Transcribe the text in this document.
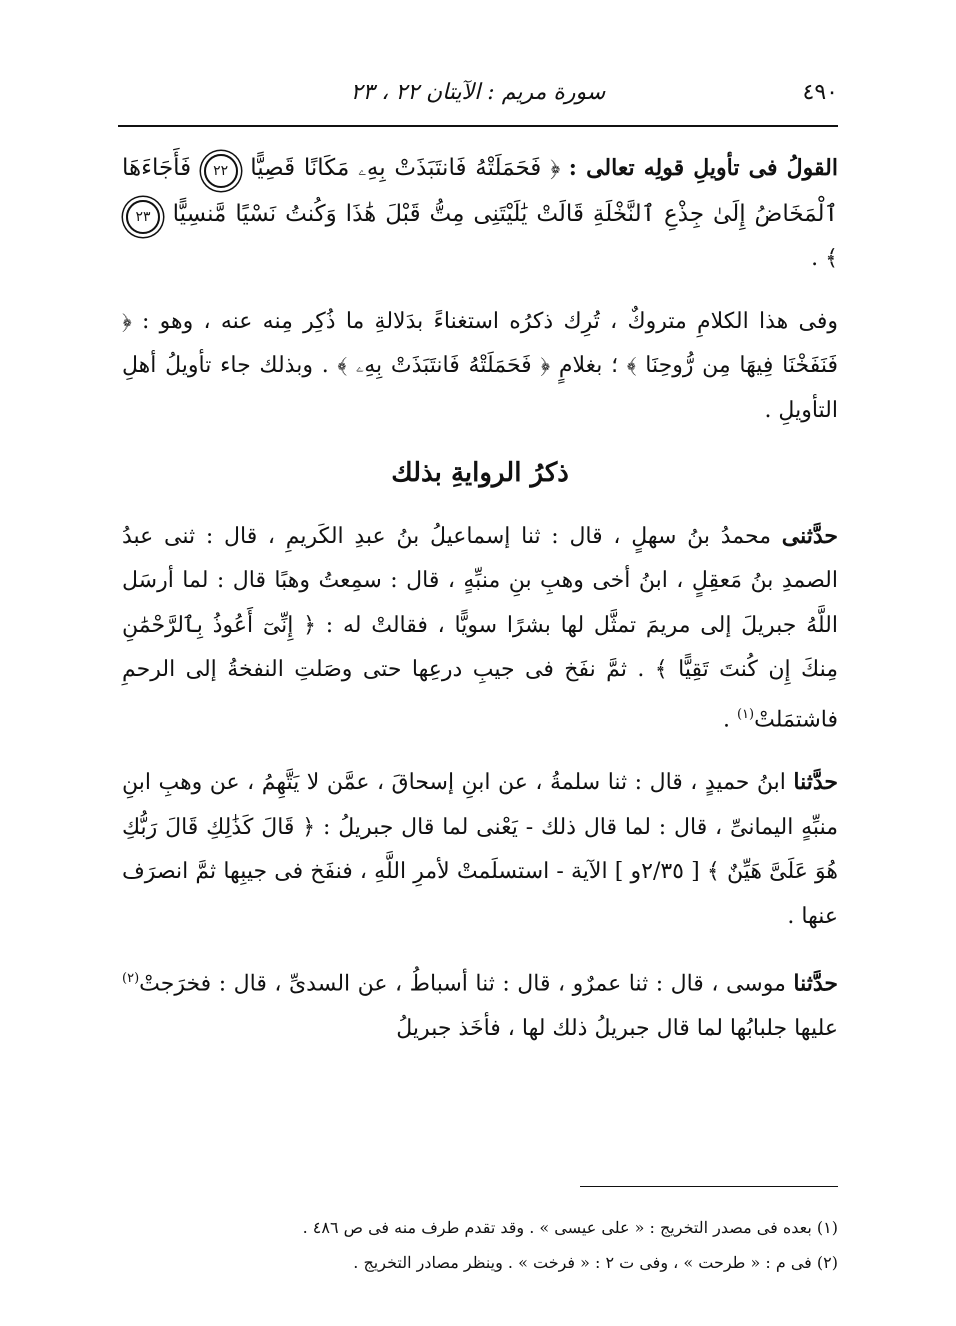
٤٩٠
سورة مريم : الآيتان ٢٢ ، ٢٣

القولُ فى تأويلِ قولِه تعالى : ﴿ فَحَمَلَتْهُ فَانتَبَذَتْ بِهِۦ مَكَانًا قَصِيًّا ٢٢ فَأَجَاءَهَا ٱلْمَخَاضُ إِلَىٰ جِذْعِ ٱلنَّخْلَةِ قَالَتْ يَٰلَيْتَنِى مِتُّ قَبْلَ هَٰذَا وَكُنتُ نَسْيًا مَّنسِيًّا ٢٣ ﴾ .

وفى هذا الكلامِ متروكٌ ، تُرِك ذكرُه استغناءً بدَلالةِ ما ذُكِر مِنه عنه ، وهو : ﴿ فَنَفَخْنَا فِيهَا مِن رُّوحِنَا ﴾ ؛ بغلامٍ ﴿ فَحَمَلَتْهُ فَانتَبَذَتْ بِهِۦ ﴾ . وبذلك جاء تأويلُ أهلِ التأويلِ .

ذكرُ الروايةِ بذلك

حدَّثنى محمدُ بنُ سهلٍ ، قال : ثنا إسماعيلُ بنُ عبدِ الكَريمِ ، قال : ثنى عبدُ الصمدِ بنُ مَعقِلٍ ، ابنُ أخى وهبِ بنِ منبِّهٍ ، قال : سمِعتُ وهبًا قال : لما أرسَل اللَّهُ جبريلَ إلى مريمَ تمثَّل لها بشرًا سويًّا ، فقالتْ له : ﴿ إِنِّىٓ أَعُوذُ بِٱلرَّحْمَٰنِ مِنكَ إِن كُنتَ تَقِيًّا ﴾ . ثمَّ نفَخ فى جيبِ درعِها حتى وصَلتِ النفخةُ إلى الرحمِ فاشتمَلتْ$^{(١)}$ .

حدَّثنا ابنُ حميدٍ ، قال : ثنا سلمةُ ، عن ابنِ إسحاقَ ، عمَّن لا يَتَّهِمُ ، عن وهبِ ابنِ منبِّهٍ اليمانىِّ ، قال : لما قال ذلك - يَعْنى لما قال جبريلُ : ﴿ قَالَ كَذَٰلِكِ قَالَ رَبُّكِ هُوَ عَلَىَّ هَيِّنٌ ﴾ [ ٢/٣٥و ] الآية - استسلَمتْ لأمرِ اللَّهِ ، فنفَخ فى جيبِها ثمَّ انصرَف عنها .

حدَّثنا موسى ، قال : ثنا عمرٌو ، قال : ثنا أسباطُ ، عن السدىِّ ، قال : فخرَجتْ$^{(٢)}$ عليها جلبابُها لما قال جبريلُ ذلك لها ، فأخَذ جبريلُ

(١) بعده فى مصدر التخريج : « على عيسى » . وقد تقدم طرف منه فى ص ٤٨٦ .

(٢) فى م : « طرحت » ، وفى ت ٢ : « فرخت » . وينظر مصادر التخريج .
